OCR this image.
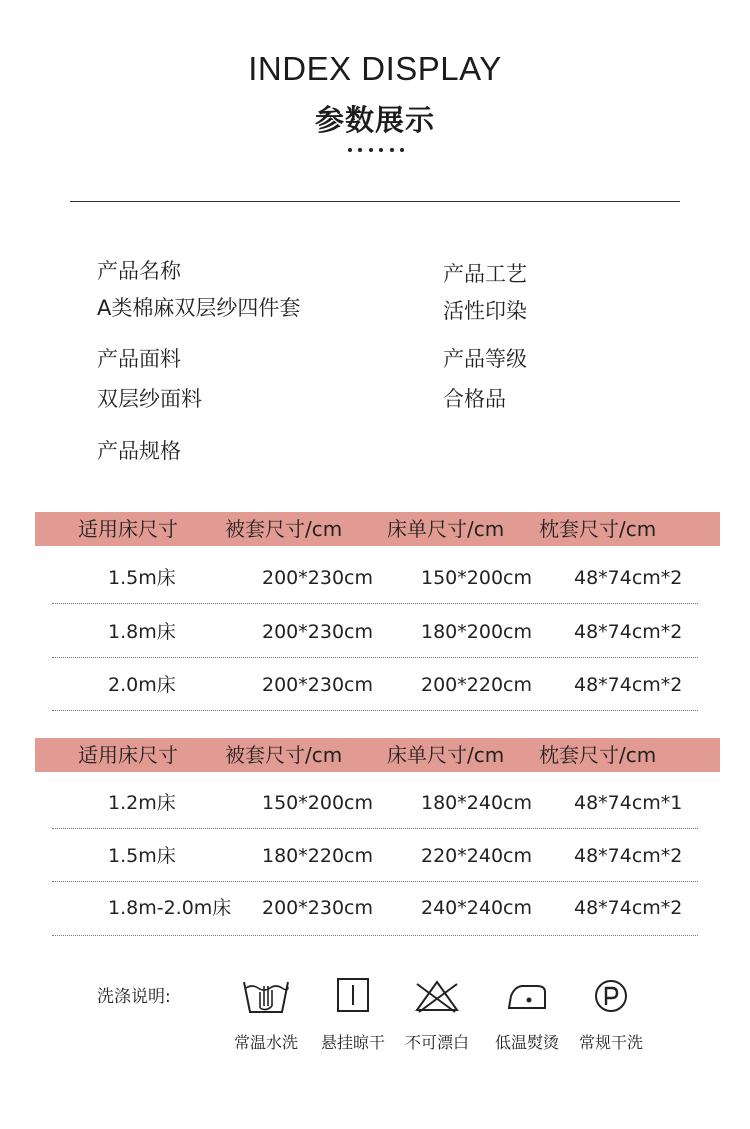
INDEX DISPLAY
参数展示
产品名称
A类棉麻双层纱四件套
产品工艺
活性印染
产品面料
双层纱面料
产品等级
合格品
产品规格
适用床尺寸 被套尺寸/cm 床单尺寸/cm 枕套尺寸/cm
1.5m床	200*230cm	150*200cm 48*74cm*2
1.8m床	200*230cm	180*200cm 48*74cm*2
2.0m床	200*230cm	200*220cm 48*74cm*2
适用床尺寸 被套尺寸/cm 床单尺寸/cm 枕套尺寸/cm
1.2m床	150*200cm	180*240cm 48*74cm*1
1.5m床	180*220cm	220*240cm 48*74cm*2
1.8m-2.0m床 200*230cm	240*240cm 48*74cm*2
洗涤说明:
常温水洗	悬挂晾干	不可漂白	低温熨烫	常规干洗
